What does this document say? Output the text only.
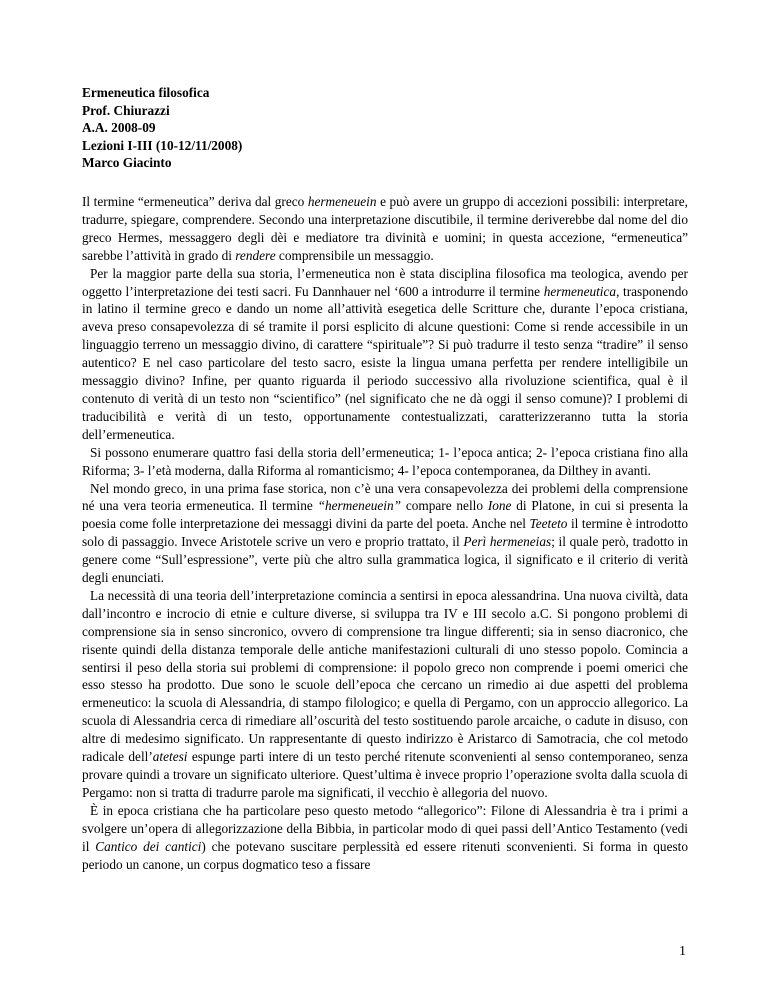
Ermeneutica filosofica
Prof. Chiurazzi
A.A. 2008-09
Lezioni I-III (10-12/11/2008)
Marco Giacinto

Il termine “ermeneutica” deriva dal greco hermeneuein e può avere un gruppo di accezioni possibili: interpretare, tradurre, spiegare, comprendere. Secondo una interpretazione discutibile, il termine deriverebbe dal nome del dio greco Hermes, messaggero degli dèi e mediatore tra divinità e uomini; in questa accezione, “ermeneutica” sarebbe l’attività in grado di rendere comprensibile un messaggio.

Per la maggior parte della sua storia, l’ermeneutica non è stata disciplina filosofica ma teologica, avendo per oggetto l’interpretazione dei testi sacri. Fu Dannhauer nel ‘600 a introdurre il termine hermeneutica, trasponendo in latino il termine greco e dando un nome all’attività esegetica delle Scritture che, durante l’epoca cristiana, aveva preso consapevolezza di sé tramite il porsi esplicito di alcune questioni: Come si rende accessibile in un linguaggio terreno un messaggio divino, di carattere “spirituale”? Si può tradurre il testo senza “tradire” il senso autentico? E nel caso particolare del testo sacro, esiste la lingua umana perfetta per rendere intelligibile un messaggio divino? Infine, per quanto riguarda il periodo successivo alla rivoluzione scientifica, qual è il contenuto di verità di un testo non “scientifico” (nel significato che ne dà oggi il senso comune)? I problemi di traducibilità e verità di un testo, opportunamente contestualizzati, caratterizzeranno tutta la storia dell’ermeneutica.

Si possono enumerare quattro fasi della storia dell’ermeneutica; 1- l’epoca antica; 2- l’epoca cristiana fino alla Riforma; 3- l’età moderna, dalla Riforma al romanticismo; 4- l’epoca contemporanea, da Dilthey in avanti.

Nel mondo greco, in una prima fase storica, non c’è una vera consapevolezza dei problemi della comprensione né una vera teoria ermeneutica. Il termine “hermeneuein” compare nello Ione di Platone, in cui si presenta la poesia come folle interpretazione dei messaggi divini da parte del poeta. Anche nel Teeteto il termine è introdotto solo di passaggio. Invece Aristotele scrive un vero e proprio trattato, il Perì hermeneias; il quale però, tradotto in genere come “Sull’espressione”, verte più che altro sulla grammatica logica, il significato e il criterio di verità degli enunciati.

La necessità di una teoria dell’interpretazione comincia a sentirsi in epoca alessandrina. Una nuova civiltà, data dall’incontro e incrocio di etnie e culture diverse, si sviluppa tra IV e III secolo a.C. Si pongono problemi di comprensione sia in senso sincronico, ovvero di comprensione tra lingue differenti; sia in senso diacronico, che risente quindi della distanza temporale delle antiche manifestazioni culturali di uno stesso popolo. Comincia a sentirsi il peso della storia sui problemi di comprensione: il popolo greco non comprende i poemi omerici che esso stesso ha prodotto. Due sono le scuole dell’epoca che cercano un rimedio ai due aspetti del problema ermeneutico: la scuola di Alessandria, di stampo filologico; e quella di Pergamo, con un approccio allegorico. La scuola di Alessandria cerca di rimediare all’oscurità del testo sostituendo parole arcaiche, o cadute in disuso, con altre di medesimo significato. Un rappresentante di questo indirizzo è Aristarco di Samotracia, che col metodo radicale dell’atetesi espunge parti intere di un testo perché ritenute sconvenienti al senso contemporaneo, senza provare quindi a trovare un significato ulteriore. Quest’ultima è invece proprio l’operazione svolta dalla scuola di Pergamo: non si tratta di tradurre parole ma significati, il vecchio è allegoria del nuovo.

È in epoca cristiana che ha particolare peso questo metodo “allegorico”: Filone di Alessandria è tra i primi a svolgere un’opera di allegorizzazione della Bibbia, in particolar modo di quei passi dell’Antico Testamento (vedi il Cantico dei cantici) che potevano suscitare perplessità ed essere ritenuti sconvenienti. Si forma in questo periodo un canone, un corpus dogmatico teso a fissare

1
